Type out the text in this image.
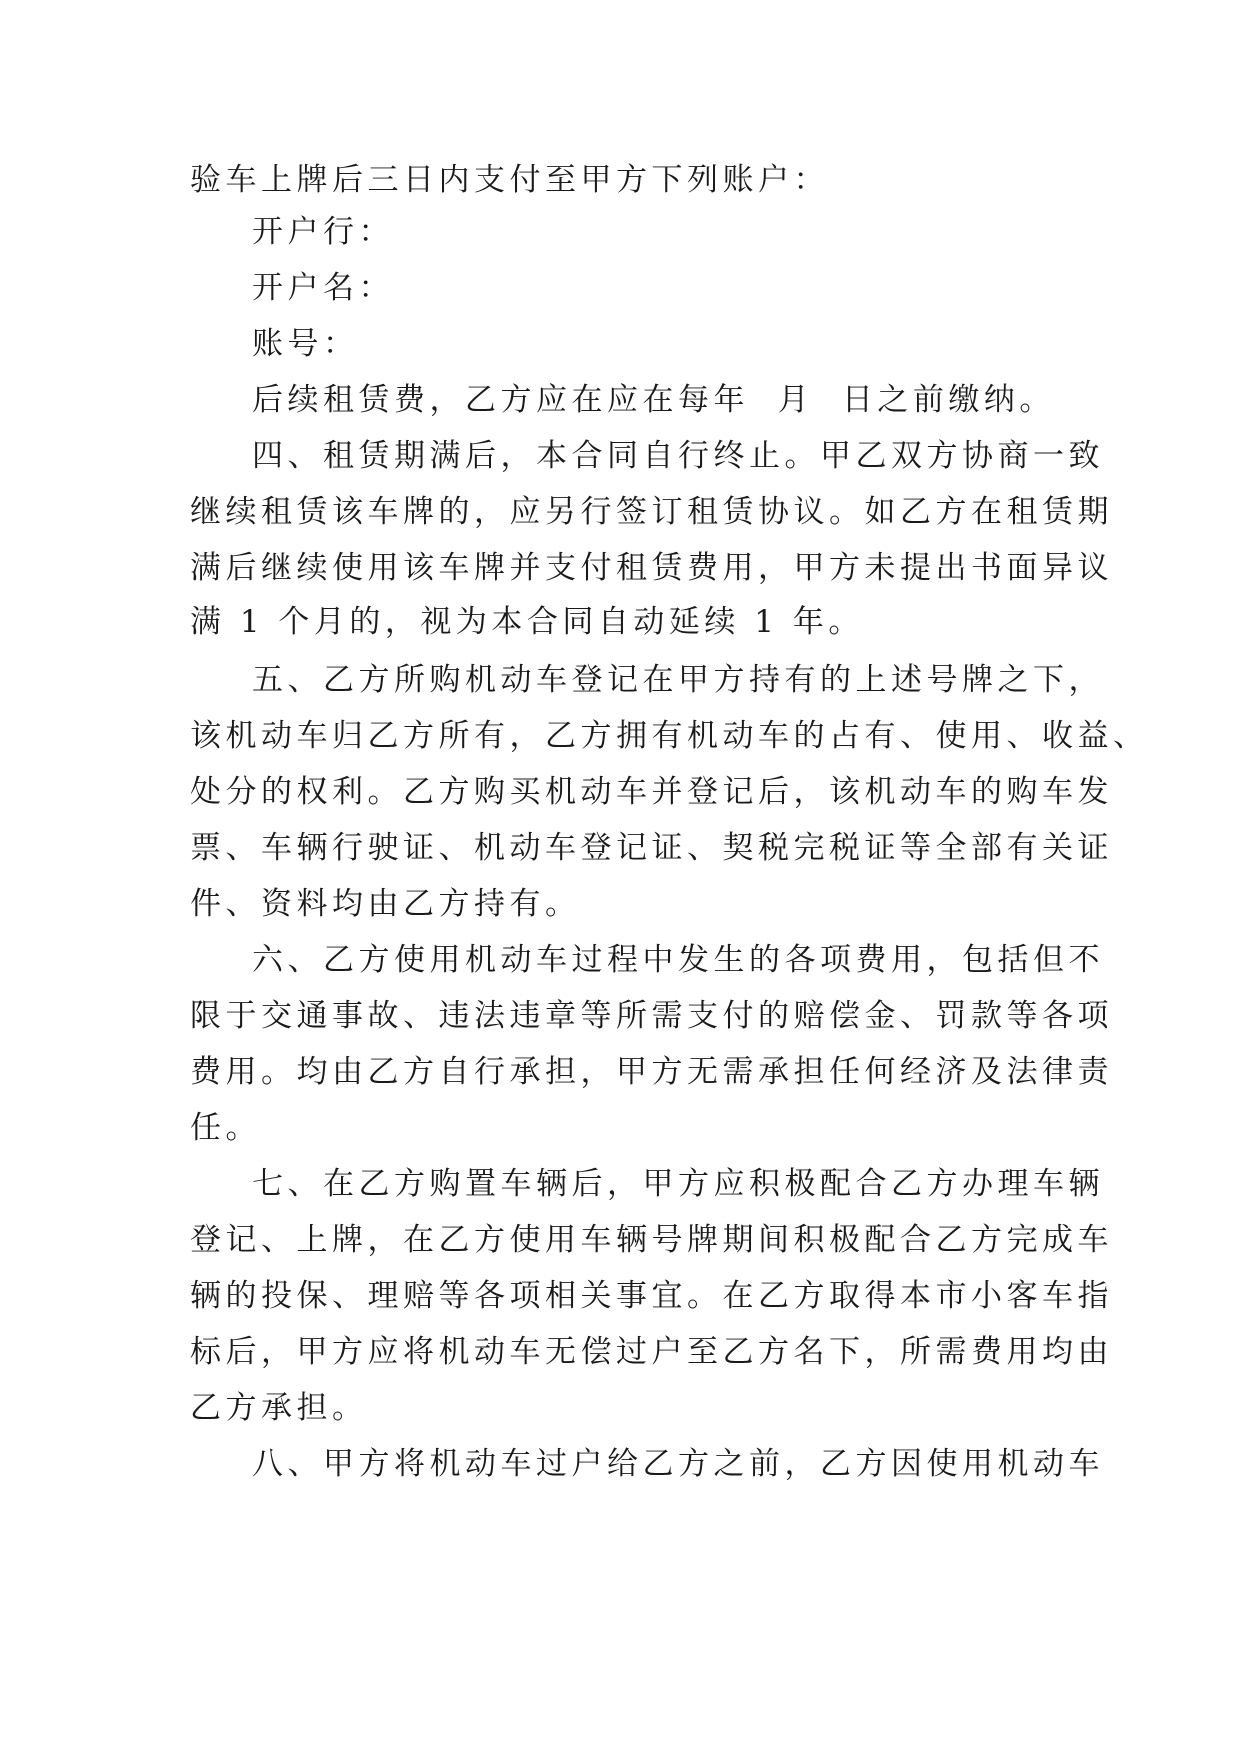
验车上牌后三日内支付至甲方下列账户：
开户行：
开户名：
账号：
后续租赁费，乙方应在应在每年  月  日之前缴纳。
四、租赁期满后，本合同自行终止。甲乙双方协商一致
继续租赁该车牌的，应另行签订租赁协议。如乙方在租赁期
满后继续使用该车牌并支付租赁费用，甲方未提出书面异议
满 1 个月的，视为本合同自动延续 1 年。
五、乙方所购机动车登记在甲方持有的上述号牌之下，
该机动车归乙方所有，乙方拥有机动车的占有、使用、收益、
处分的权利。乙方购买机动车并登记后，该机动车的购车发
票、车辆行驶证、机动车登记证、契税完税证等全部有关证
件、资料均由乙方持有。
六、乙方使用机动车过程中发生的各项费用，包括但不
限于交通事故、违法违章等所需支付的赔偿金、罚款等各项
费用。均由乙方自行承担，甲方无需承担任何经济及法律责
任。
七、在乙方购置车辆后，甲方应积极配合乙方办理车辆
登记、上牌，在乙方使用车辆号牌期间积极配合乙方完成车
辆的投保、理赔等各项相关事宜。在乙方取得本市小客车指
标后，甲方应将机动车无偿过户至乙方名下，所需费用均由
乙方承担。
八、甲方将机动车过户给乙方之前，乙方因使用机动车
